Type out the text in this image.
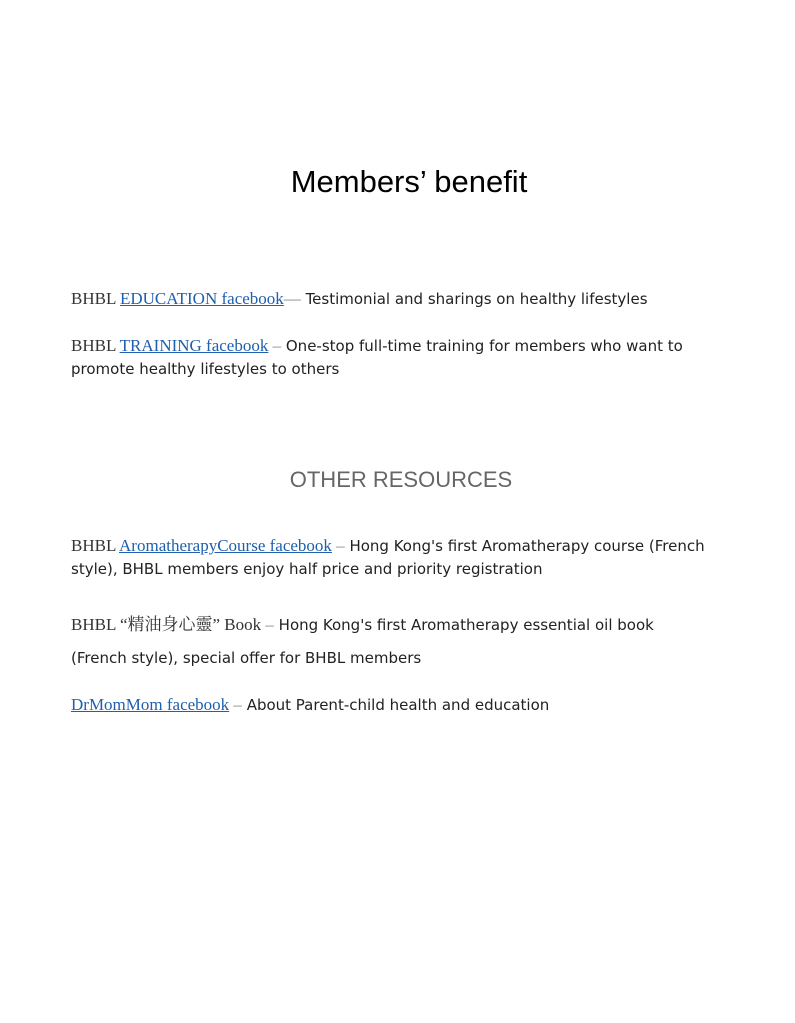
Members’ benefit

BHBL EDUCATION facebook— Testimonial and sharings on healthy lifestyles

BHBL TRAINING facebook – One-stop full-time training for members who want to promote healthy lifestyles to others

OTHER RESOURCES

BHBL AromatherapyCourse facebook – Hong Kong's first Aromatherapy course (French style), BHBL members enjoy half price and priority registration

BHBL “精油身心靈” Book – Hong Kong's first Aromatherapy essential oil book
(French style), special offer for BHBL members

DrMomMom facebook – About Parent-child health and education
